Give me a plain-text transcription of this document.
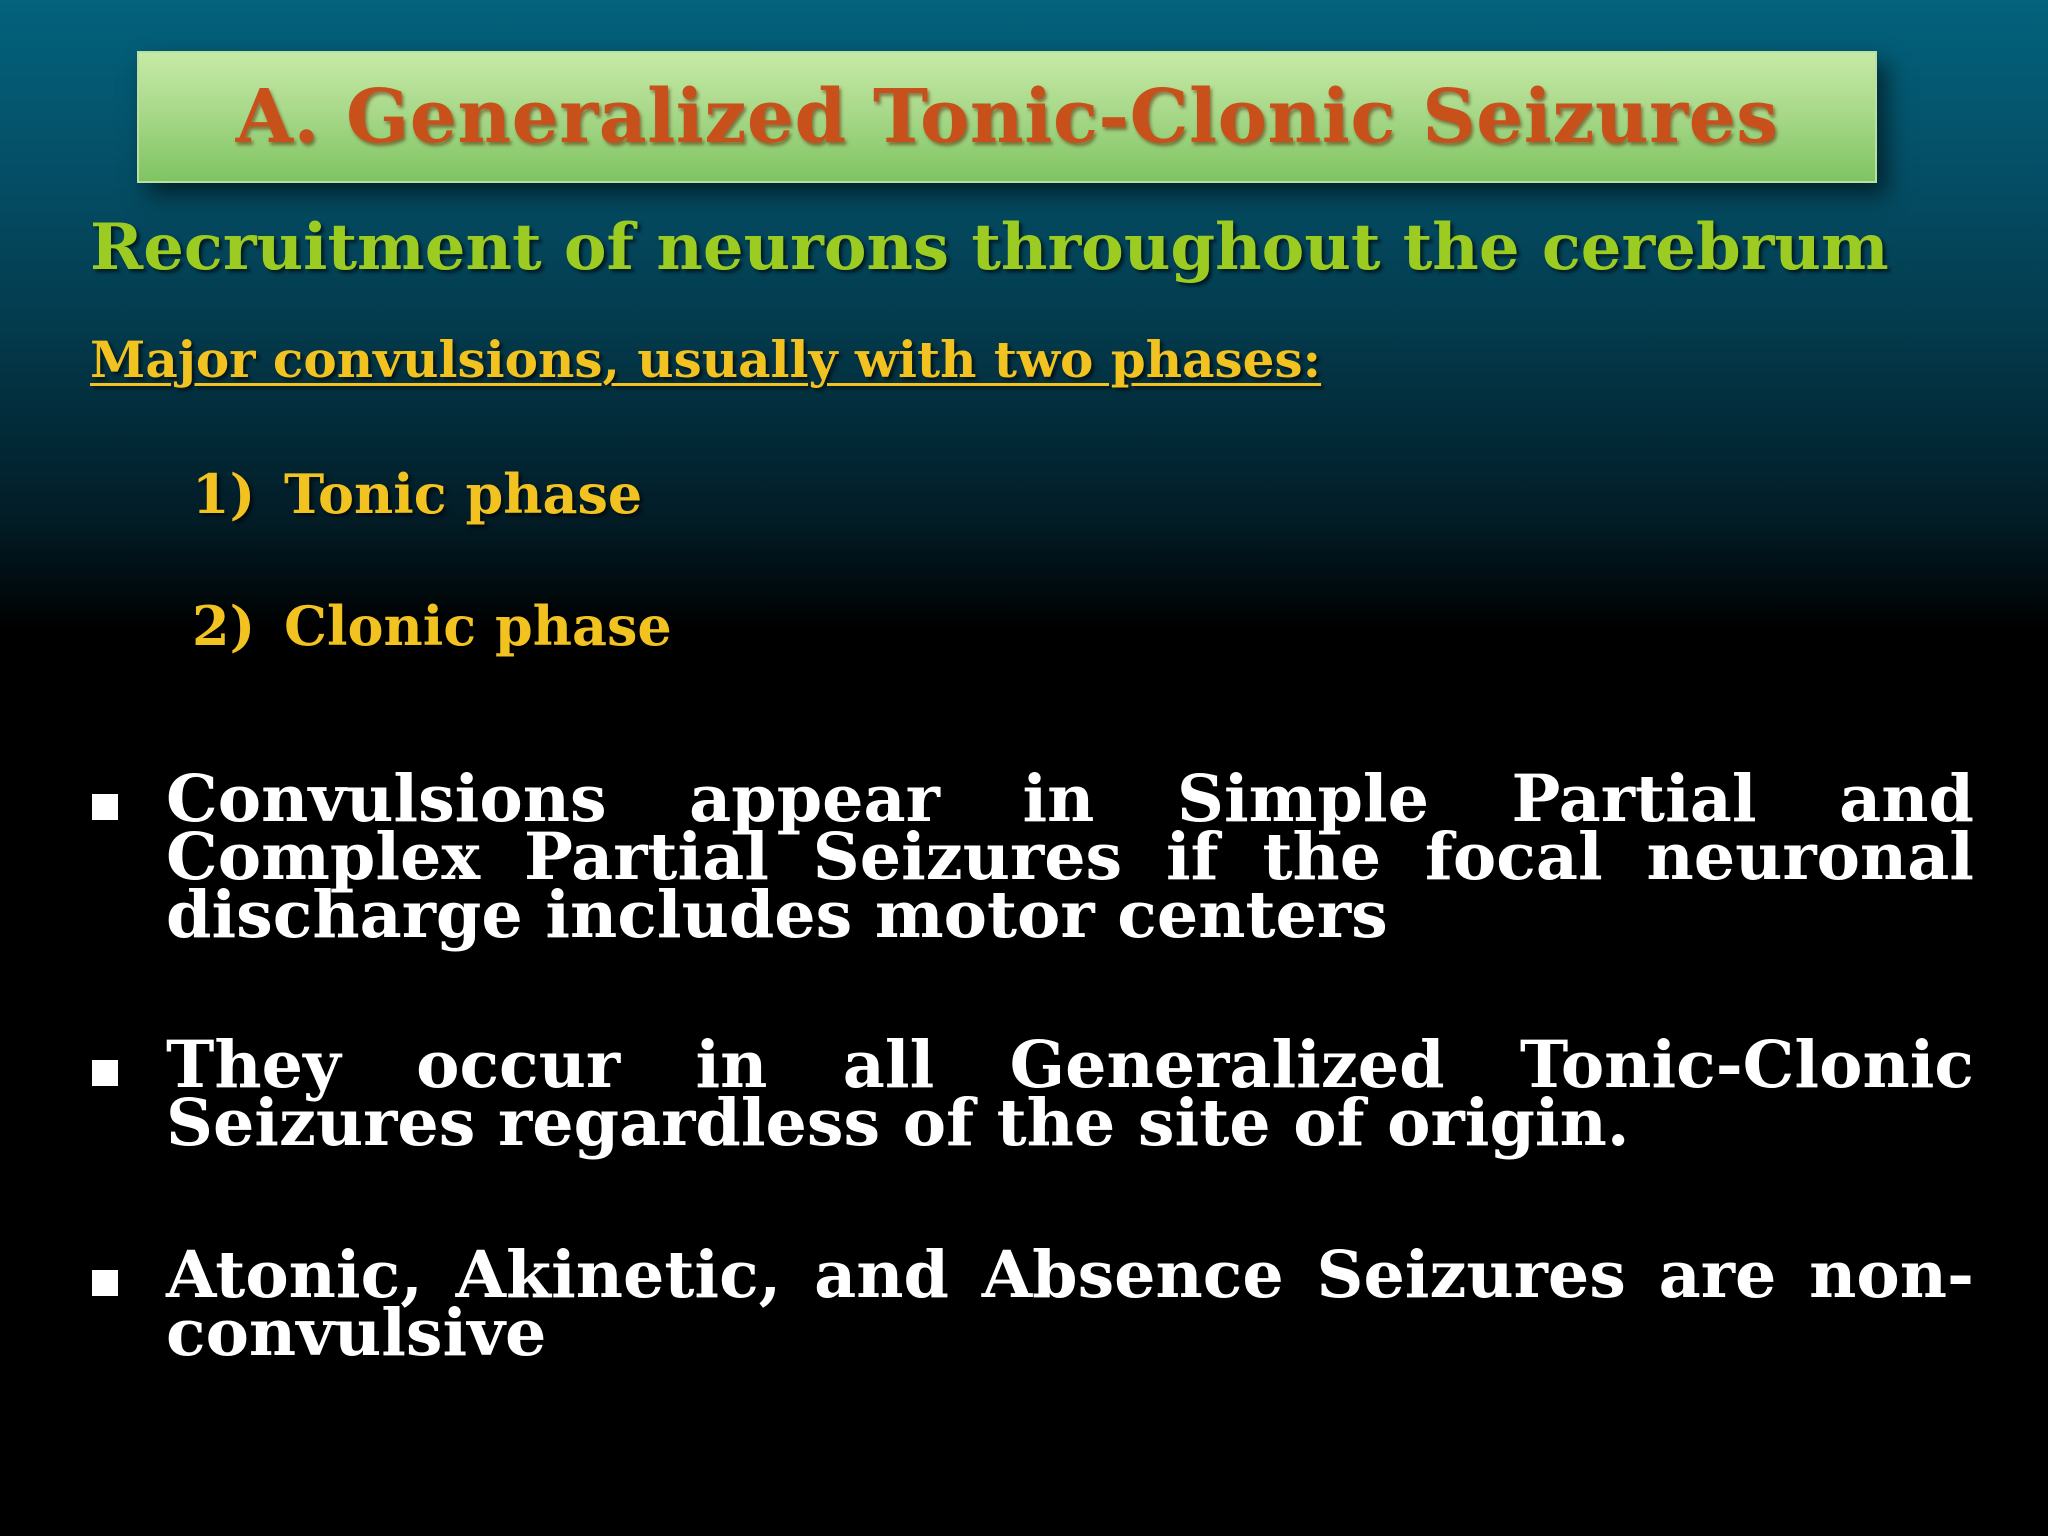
A. Generalized Tonic-Clonic Seizures
Recruitment of neurons throughout the cerebrum
Major convulsions, usually with two phases:
1) Tonic phase
2) Clonic phase
Convulsions appear in Simple Partial and Complex Partial Seizures if the focal neuronal discharge includes motor centers
They occur in all Generalized Tonic-Clonic Seizures regardless of the site of origin.
Atonic, Akinetic, and Absence Seizures are non-convulsive
